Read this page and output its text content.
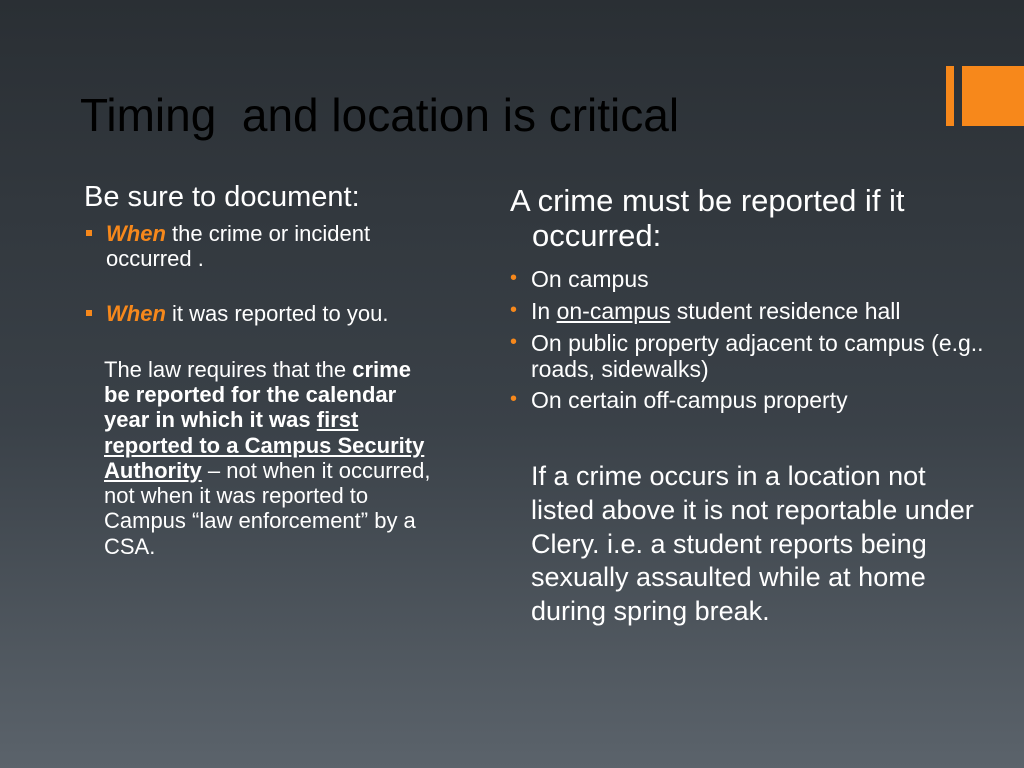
Timing  and location is critical
Be sure to document:
When the crime or incident occurred .
When it was reported to you.
The law requires that the crime be reported for the calendar year in which it was first reported to a Campus Security Authority – not when it occurred, not when it was reported to Campus “law enforcement” by a CSA.
A crime must be reported if it occurred:
• On campus
• In on-campus student residence hall
• On public property adjacent to campus (e.g.. roads, sidewalks)
• On certain off-campus property
If a crime occurs in a location not listed above it is not reportable under Clery. i.e. a student reports being sexually assaulted while at home during spring break.
